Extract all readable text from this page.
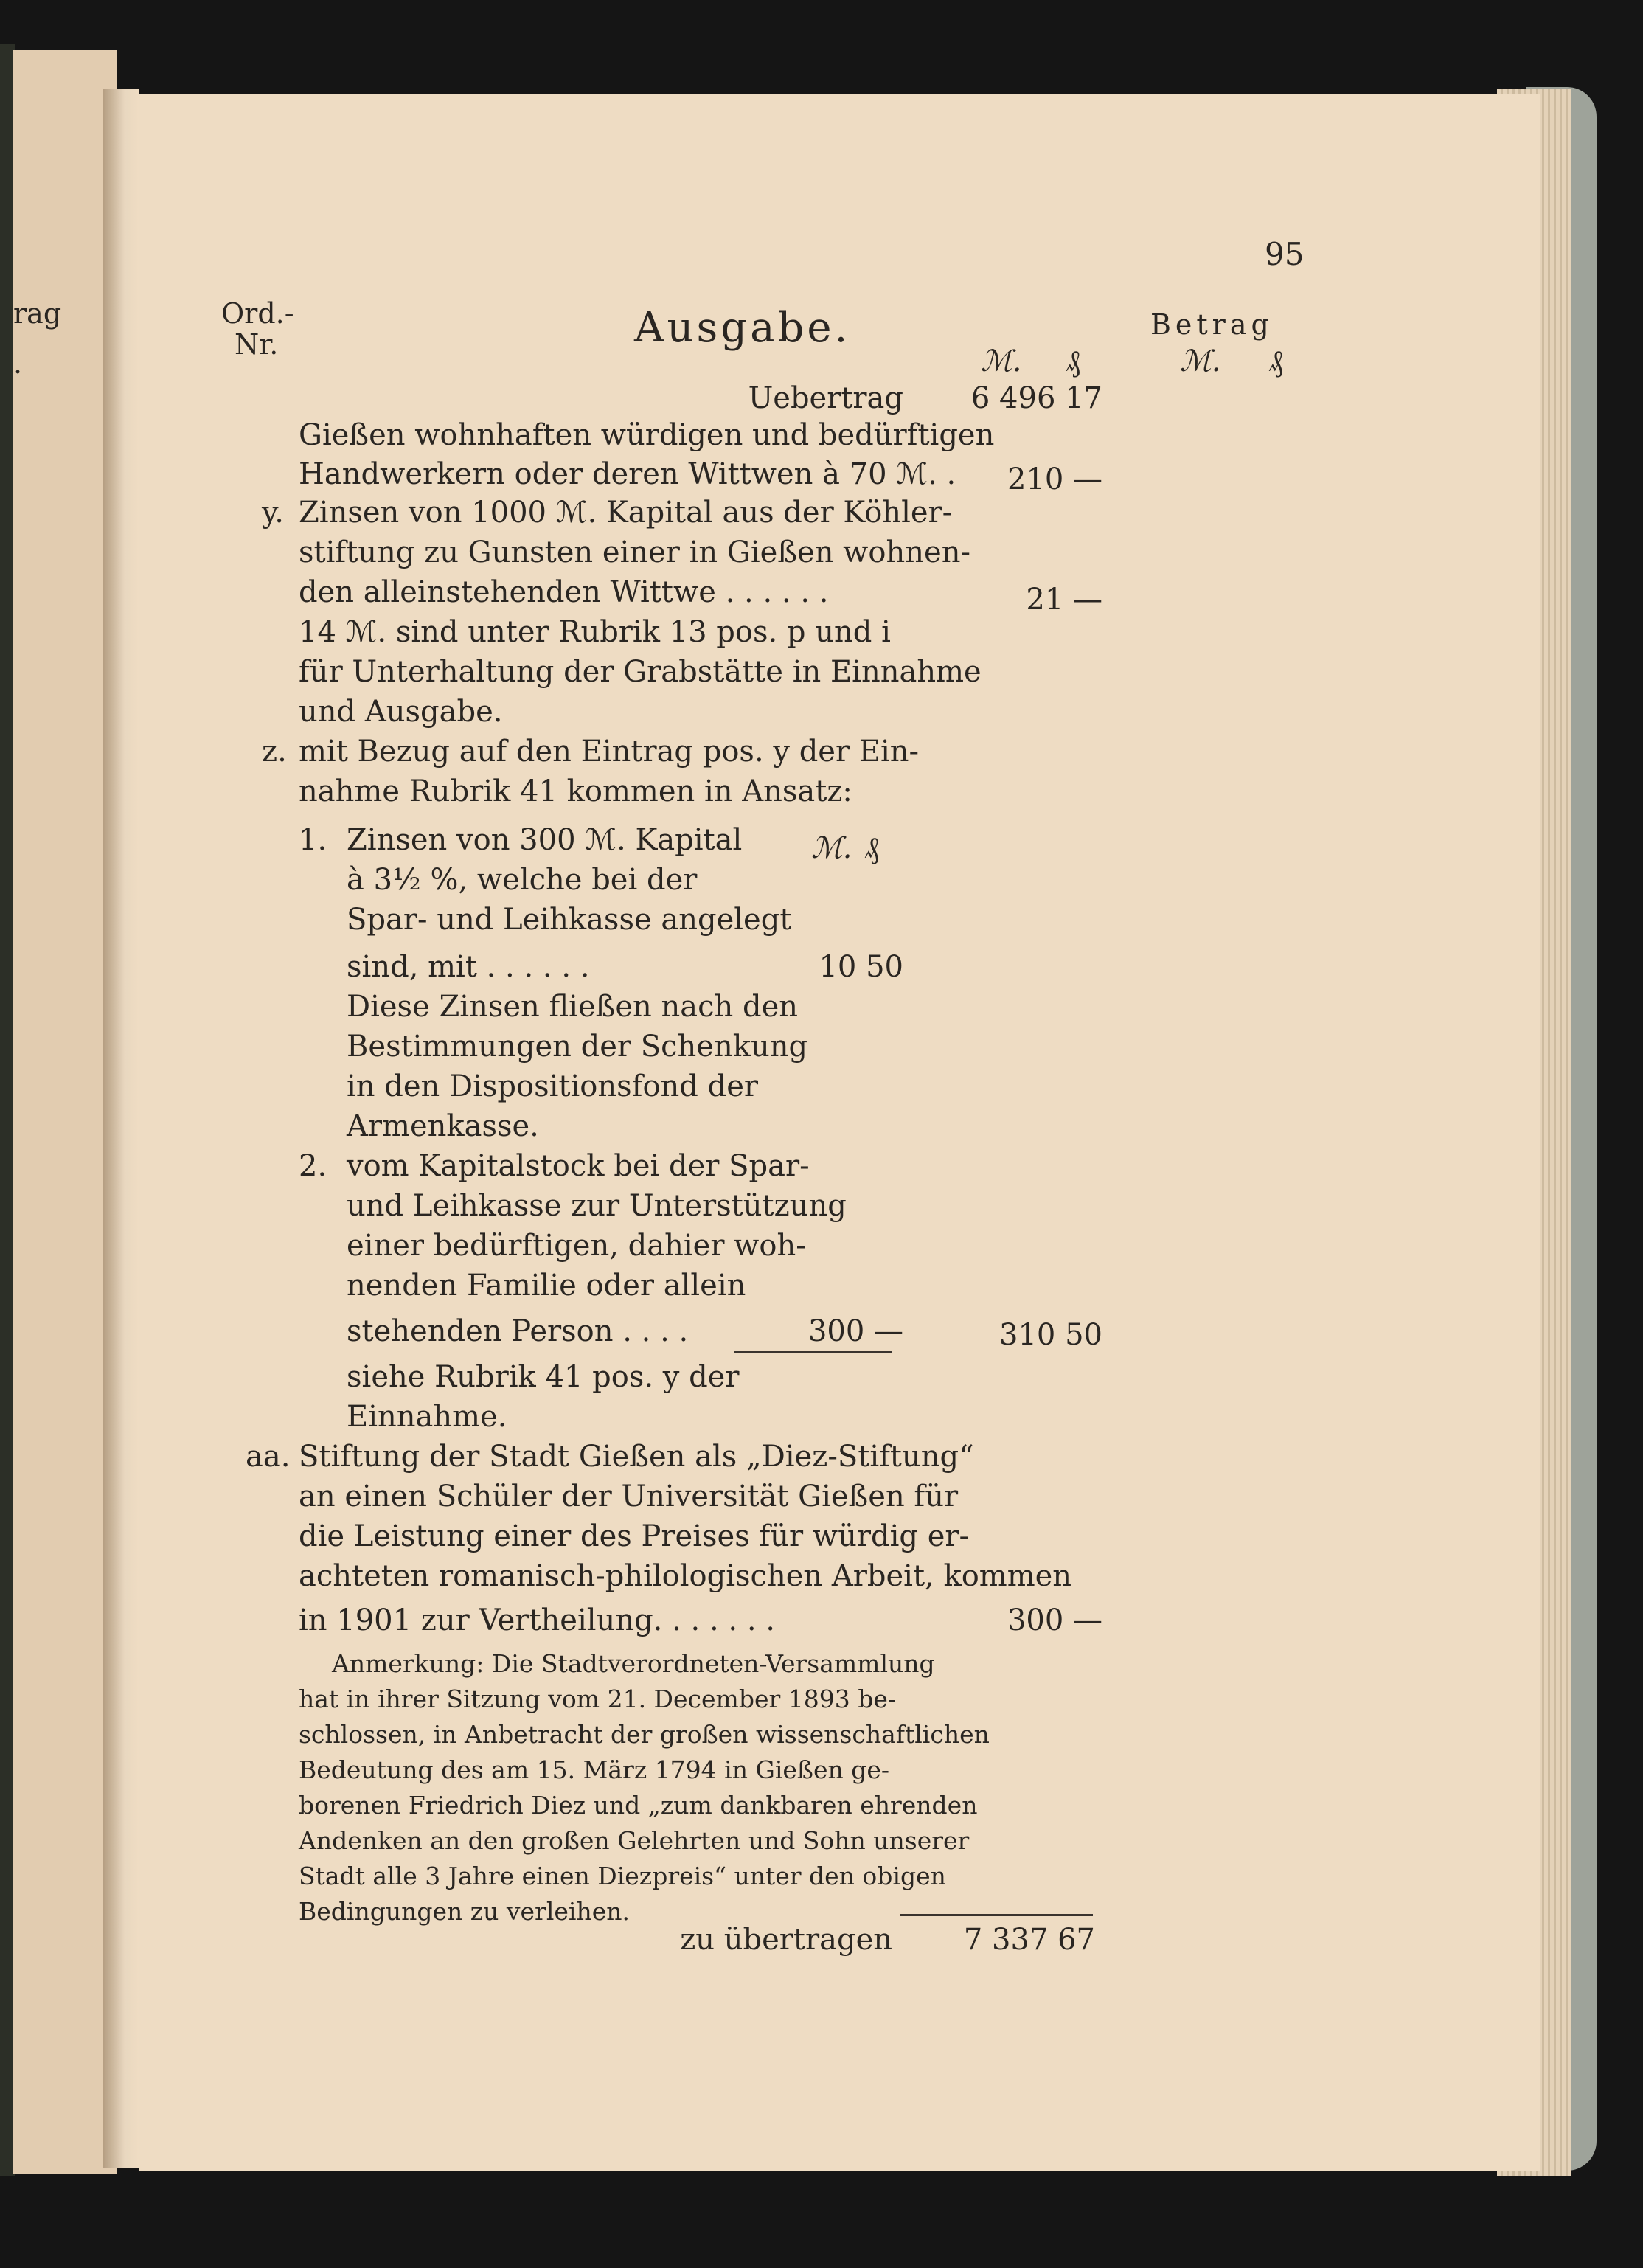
rag
.
95
Ord.-
Nr.	Ausgabe.	Betrag
ℳ. ₰	ℳ. ₰
Uebertrag	6 496 17
Gießen wohnhaften würdigen und bedürftigen
Handwerkern oder deren Wittwen à 70 ℳ. .	210 —
y. Zinsen von 1000 ℳ. Kapital aus der Köhler-
stiftung zu Gunsten einer in Gießen wohnen-
den alleinstehenden Wittwe . . . . . .	21 —
14 ℳ. sind unter Rubrik 13 pos. p und i
für Unterhaltung der Grabstätte in Einnahme
und Ausgabe.
z. mit Bezug auf den Eintrag pos. y der Ein-
nahme Rubrik 41 kommen in Ansatz:
1. Zinsen von 300 ℳ. Kapital ℳ. ₰
à 3½ %, welche bei der
Spar- und Leihkasse angelegt
sind, mit . . . . . .	10 50
Diese Zinsen fließen nach den
Bestimmungen der Schenkung
in den Dispositionsfond der
Armenkasse.
2. vom Kapitalstock bei der Spar-
und Leihkasse zur Unterstützung
einer bedürftigen, dahier woh-
nenden Familie oder allein
stehenden Person . . . .	300 —	310 50
siehe Rubrik 41 pos. y der
Einnahme.
aa. Stiftung der Stadt Gießen als „Diez-Stiftung“
an einen Schüler der Universität Gießen für
die Leistung einer des Preises für würdig er-
achteten romanisch-philologischen Arbeit, kommen
in 1901 zur Vertheilung. . . . . . .	300 —
Anmerkung: Die Stadtverordneten-Versammlung
hat in ihrer Sitzung vom 21. December 1893 be-
schlossen, in Anbetracht der großen wissenschaftlichen
Bedeutung des am 15. März 1794 in Gießen ge-
borenen Friedrich Diez und „zum dankbaren ehrenden
Andenken an den großen Gelehrten und Sohn unserer
Stadt alle 3 Jahre einen Diezpreis“ unter den obigen
Bedingungen zu verleihen.
zu übertragen	7 337 67
